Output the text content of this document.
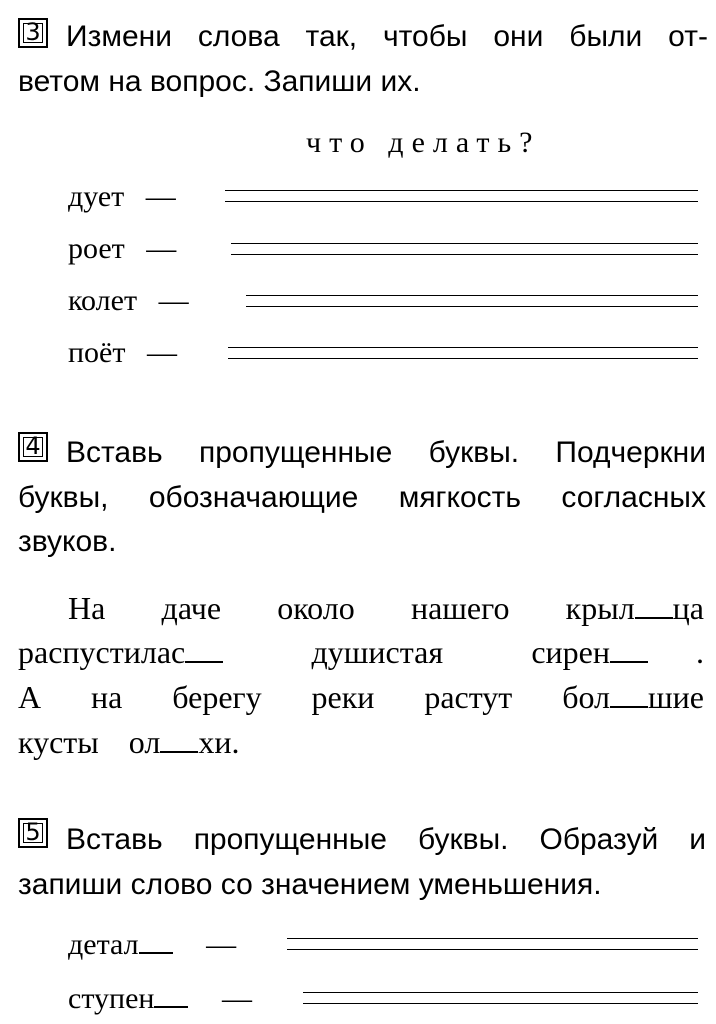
3 Измени слова так, чтобы они были от-
ветом на вопрос. Запиши их.
что делать?
дует —
роет —
колет —
поёт —
4 Вставь пропущенные буквы. Подчеркни
буквы, обозначающие мягкость согласных
звуков.
На даче около нашего крыл ца
распустилас	душистая	сирен	.
А на берегу реки растут бол шие
кусты ол хи.
5 Вставь пропущенные буквы. Образуй и
запиши слово со значением уменьшения.
детал —
ступен —
